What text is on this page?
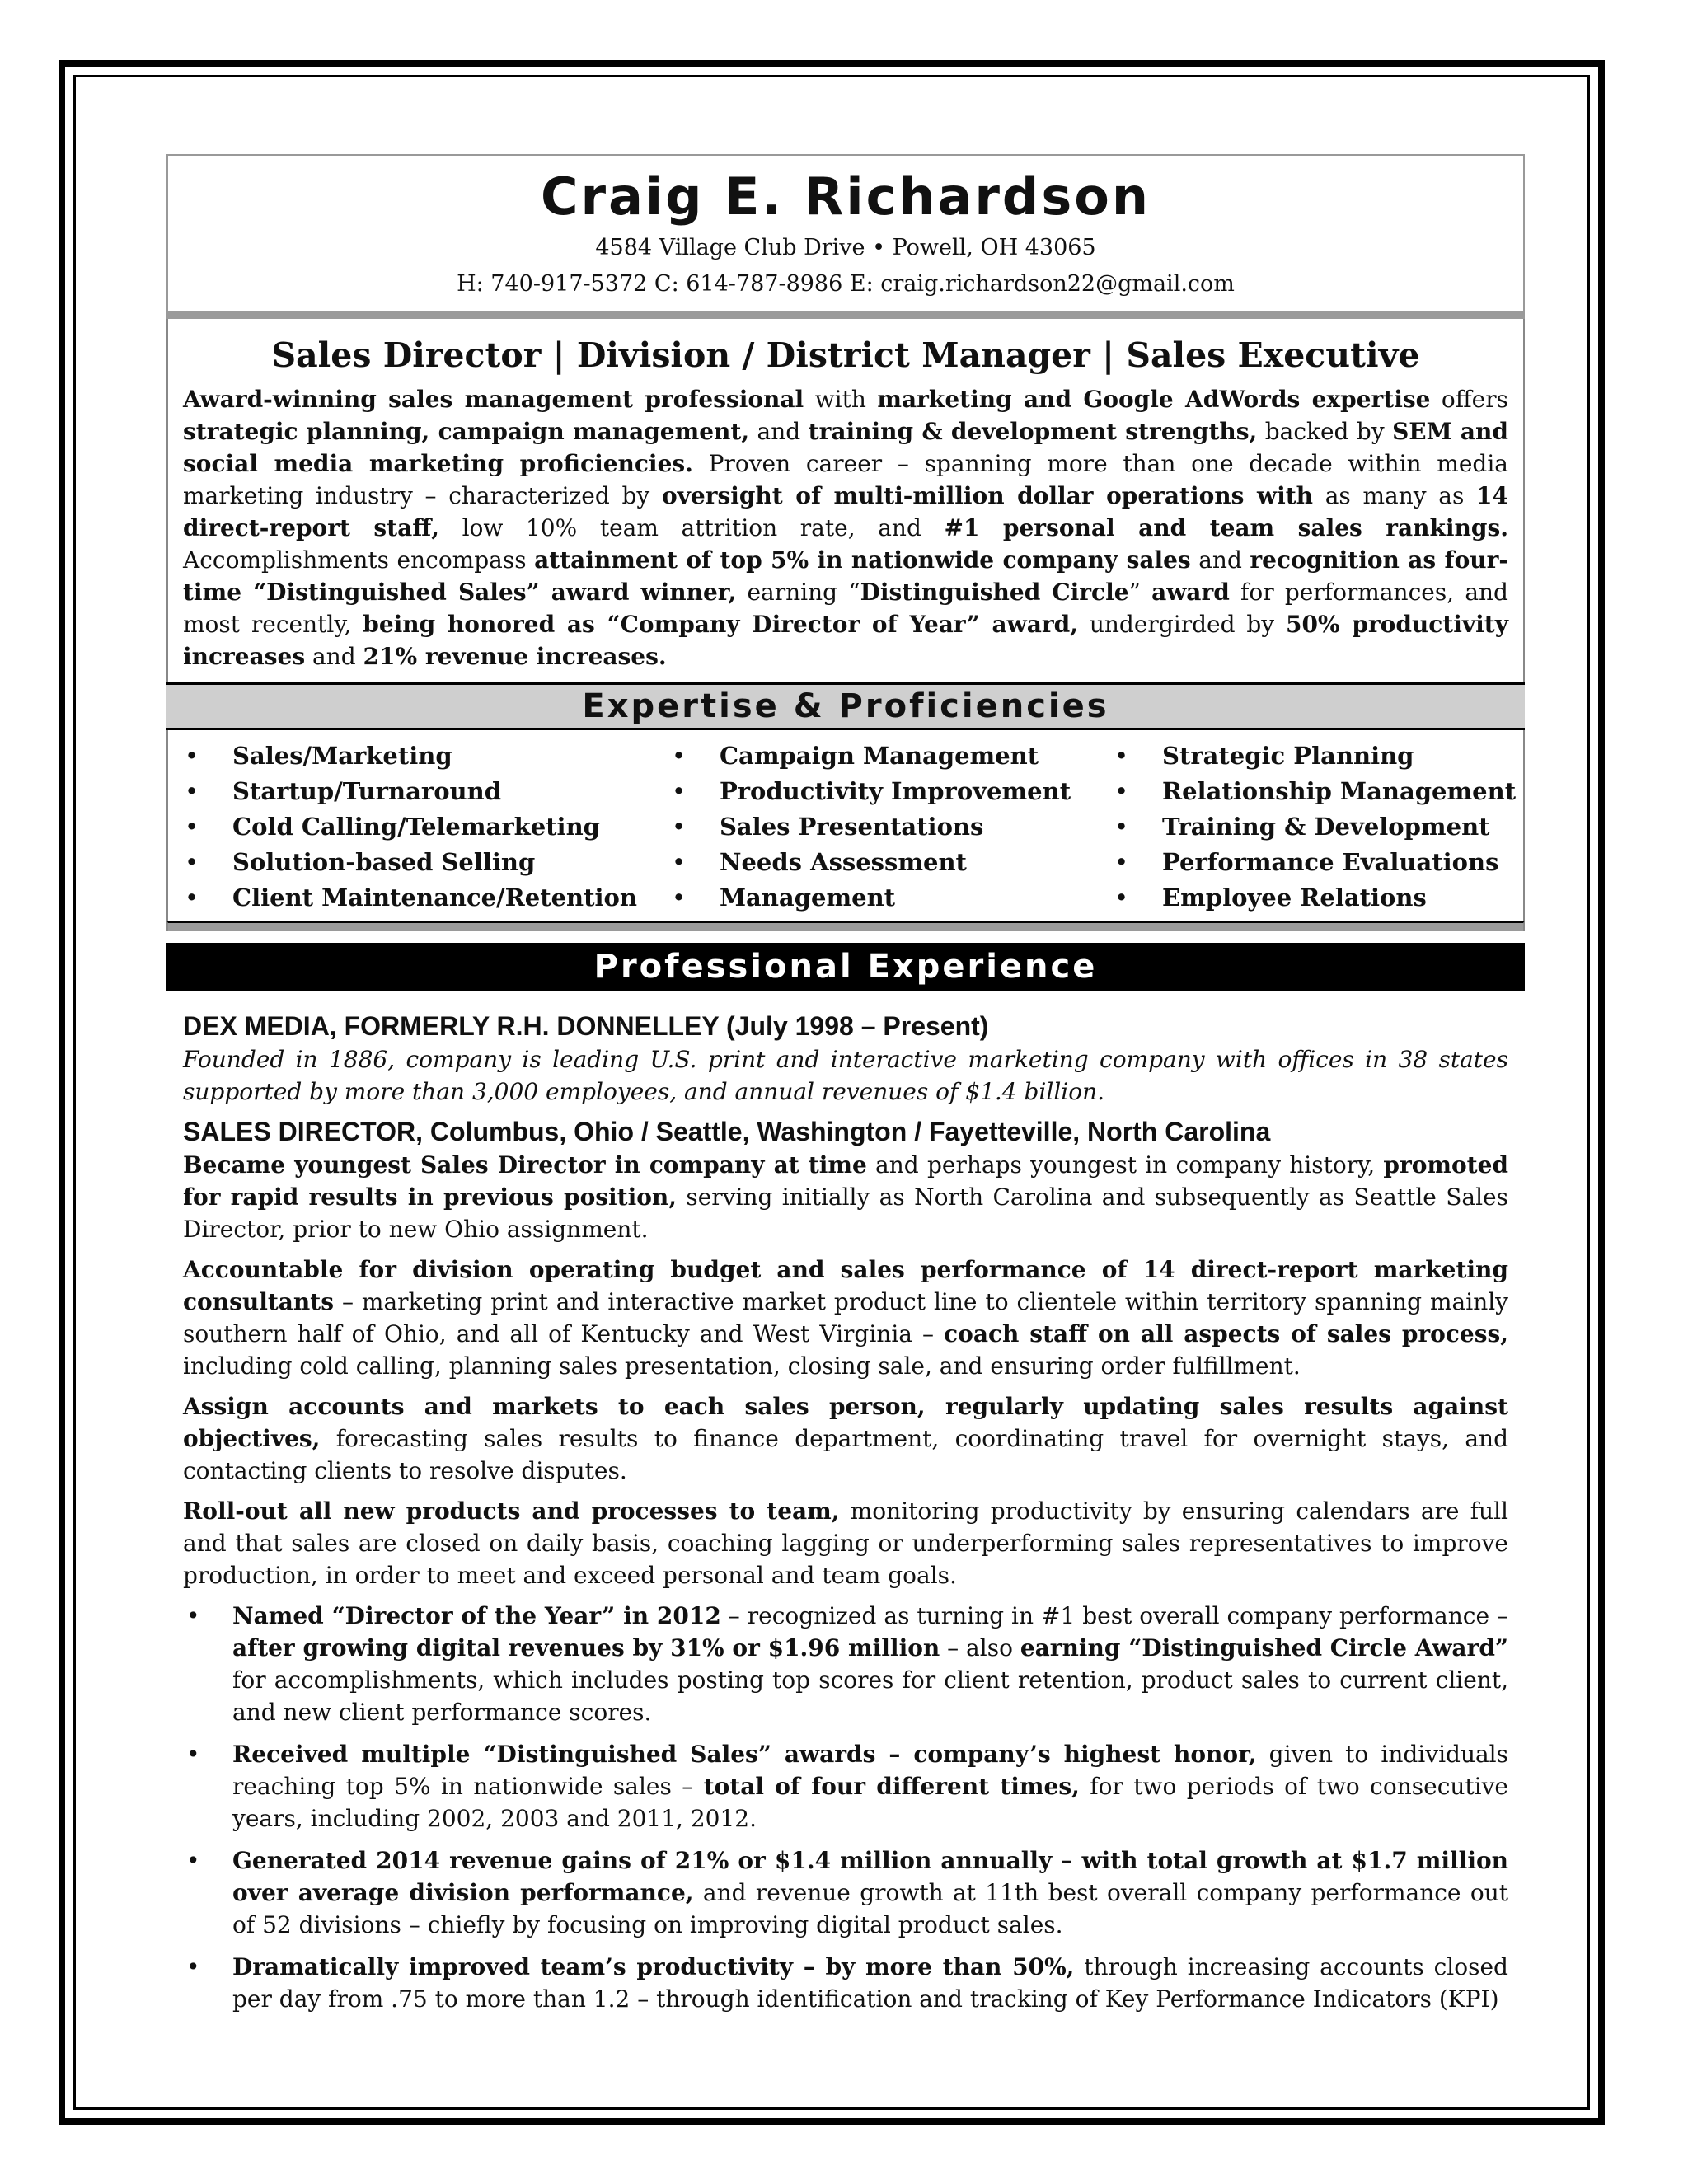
Craig E. Richardson
4584 Village Club Drive • Powell, OH 43065
H: 740-917-5372 C: 614-787-8986 E: craig.richardson22@gmail.com
Sales Director | Division / District Manager | Sales Executive
Award-winning sales management professional with marketing and Google AdWords expertise offers strategic planning, campaign management, and training & development strengths, backed by SEM and social media marketing proficiencies. Proven career – spanning more than one decade within media marketing industry – characterized by oversight of multi-million dollar operations with as many as 14 direct-report staff, low 10% team attrition rate, and #1 personal and team sales rankings. Accomplishments encompass attainment of top 5% in nationwide company sales and recognition as four-time “Distinguished Sales” award winner, earning “Distinguished Circle” award for performances, and most recently, being honored as “Company Director of Year” award, undergirded by 50% productivity increases and 21% revenue increases.
Expertise & Proficiencies
• Sales/Marketing
• Startup/Turnaround
• Cold Calling/Telemarketing
• Solution-based Selling
• Client Maintenance/Retention
• Campaign Management
• Productivity Improvement
• Sales Presentations
• Needs Assessment
• Management
• Strategic Planning
• Relationship Management
• Training & Development
• Performance Evaluations
• Employee Relations
Professional Experience
DEX MEDIA, FORMERLY R.H. DONNELLEY (July 1998 – Present)
Founded in 1886, company is leading U.S. print and interactive marketing company with offices in 38 states supported by more than 3,000 employees, and annual revenues of $1.4 billion.
SALES DIRECTOR, Columbus, Ohio / Seattle, Washington / Fayetteville, North Carolina
Became youngest Sales Director in company at time and perhaps youngest in company history, promoted for rapid results in previous position, serving initially as North Carolina and subsequently as Seattle Sales Director, prior to new Ohio assignment.
Accountable for division operating budget and sales performance of 14 direct-report marketing consultants – marketing print and interactive market product line to clientele within territory spanning mainly southern half of Ohio, and all of Kentucky and West Virginia – coach staff on all aspects of sales process, including cold calling, planning sales presentation, closing sale, and ensuring order fulfillment.
Assign accounts and markets to each sales person, regularly updating sales results against objectives, forecasting sales results to finance department, coordinating travel for overnight stays, and contacting clients to resolve disputes.
Roll-out all new products and processes to team, monitoring productivity by ensuring calendars are full and that sales are closed on daily basis, coaching lagging or underperforming sales representatives to improve production, in order to meet and exceed personal and team goals.
• Named “Director of the Year” in 2012 – recognized as turning in #1 best overall company performance – after growing digital revenues by 31% or $1.96 million – also earning “Distinguished Circle Award” for accomplishments, which includes posting top scores for client retention, product sales to current client, and new client performance scores.
• Received multiple “Distinguished Sales” awards – company’s highest honor, given to individuals reaching top 5% in nationwide sales – total of four different times, for two periods of two consecutive years, including 2002, 2003 and 2011, 2012.
• Generated 2014 revenue gains of 21% or $1.4 million annually – with total growth at $1.7 million over average division performance, and revenue growth at 11th best overall company performance out of 52 divisions – chiefly by focusing on improving digital product sales.
• Dramatically improved team’s productivity – by more than 50%, through increasing accounts closed per day from .75 to more than 1.2 – through identification and tracking of Key Performance Indicators (KPI)
